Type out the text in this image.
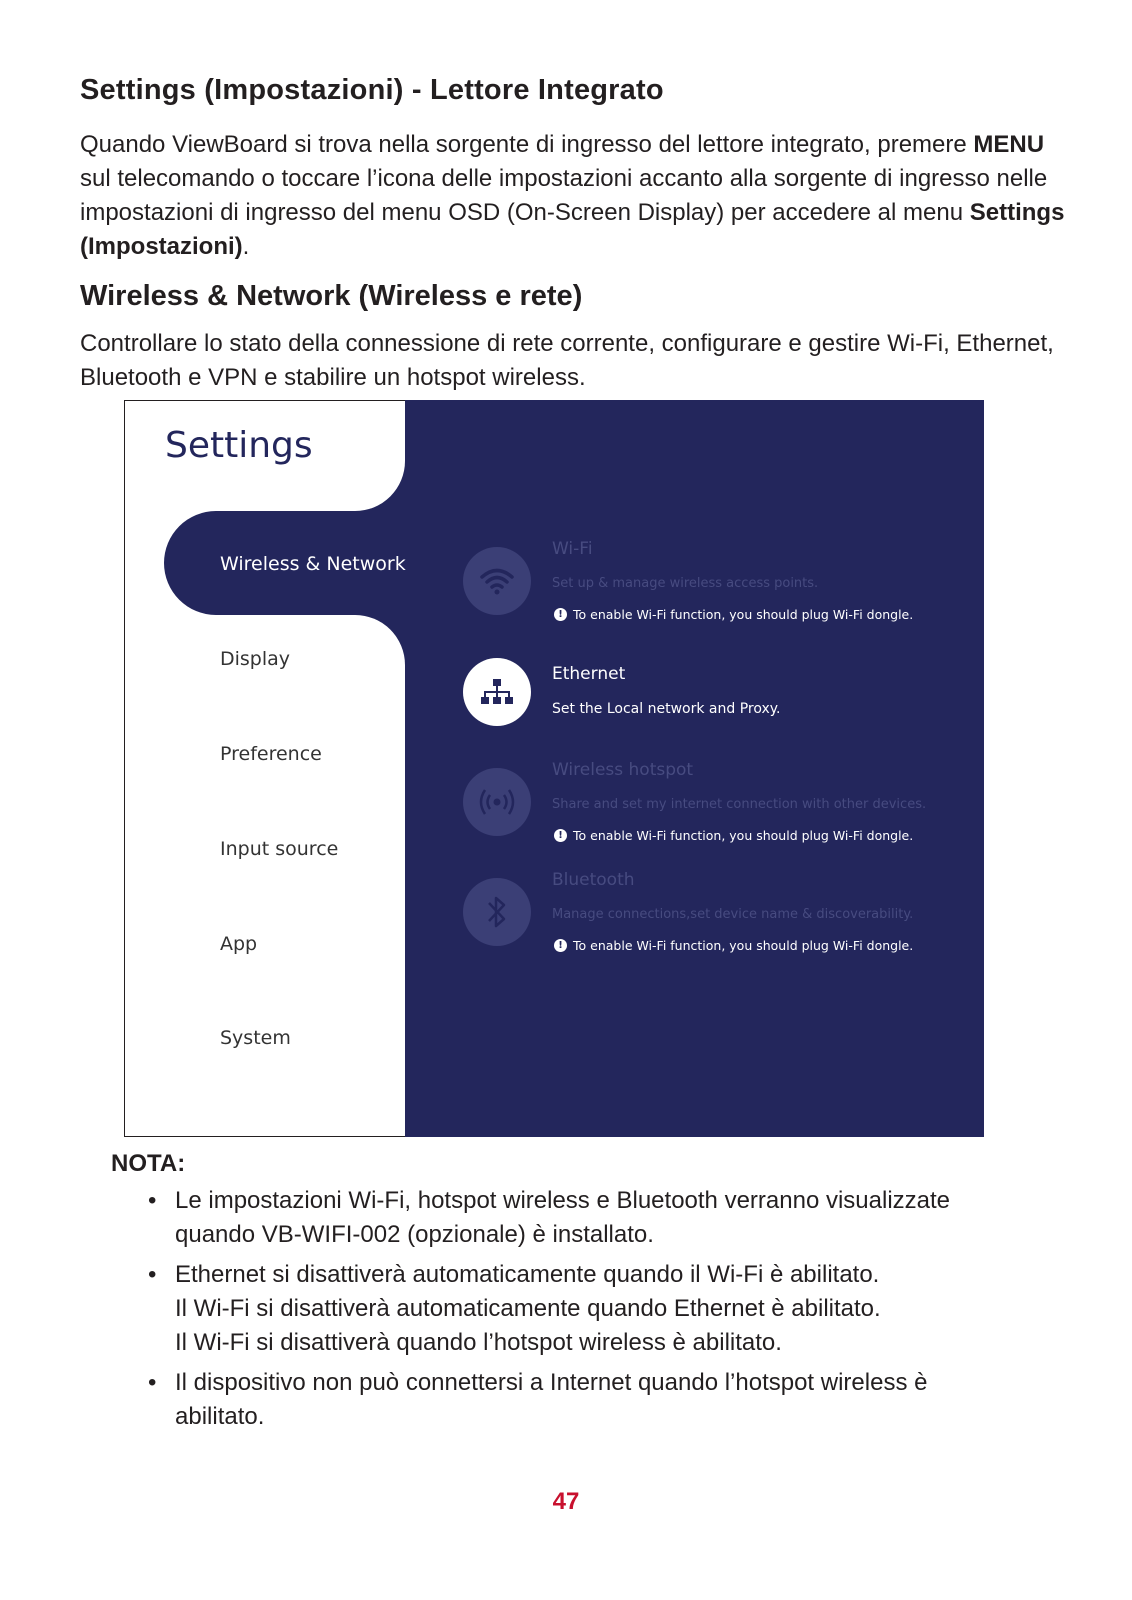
Settings (Impostazioni) - Lettore Integrato

Quando ViewBoard si trova nella sorgente di ingresso del lettore integrato, premere MENU sul telecomando o toccare l’icona delle impostazioni accanto alla sorgente di ingresso nelle impostazioni di ingresso del menu OSD (On-Screen Display) per accedere al menu Settings (Impostazioni).

Wireless & Network (Wireless e rete)

Controllare lo stato della connessione di rete corrente, configurare e gestire Wi-Fi, Ethernet, Bluetooth e VPN e stabilire un hotspot wireless.

Settings
Wireless & Network
Display
Preference
Input source
App
System
Wi-Fi
Set up & manage wireless access points.
! To enable Wi-Fi function, you should plug Wi-Fi dongle.
Ethernet
Set the Local network and Proxy.
Wireless hotspot
Share and set my internet connection with other devices.
! To enable Wi-Fi function, you should plug Wi-Fi dongle.
Bluetooth
Manage connections,set device name & discoverability.
! To enable Wi-Fi function, you should plug Wi-Fi dongle.

NOTA:

• Le impostazioni Wi-Fi, hotspot wireless e Bluetooth verranno visualizzate
quando VB-WIFI-002 (opzionale) è installato.
• Ethernet si disattiverà automaticamente quando il Wi-Fi è abilitato.
Il Wi-Fi si disattiverà automaticamente quando Ethernet è abilitato.
Il Wi-Fi si disattiverà quando l’hotspot wireless è abilitato.
• Il dispositivo non può connettersi a Internet quando l’hotspot wireless è
abilitato.
47
